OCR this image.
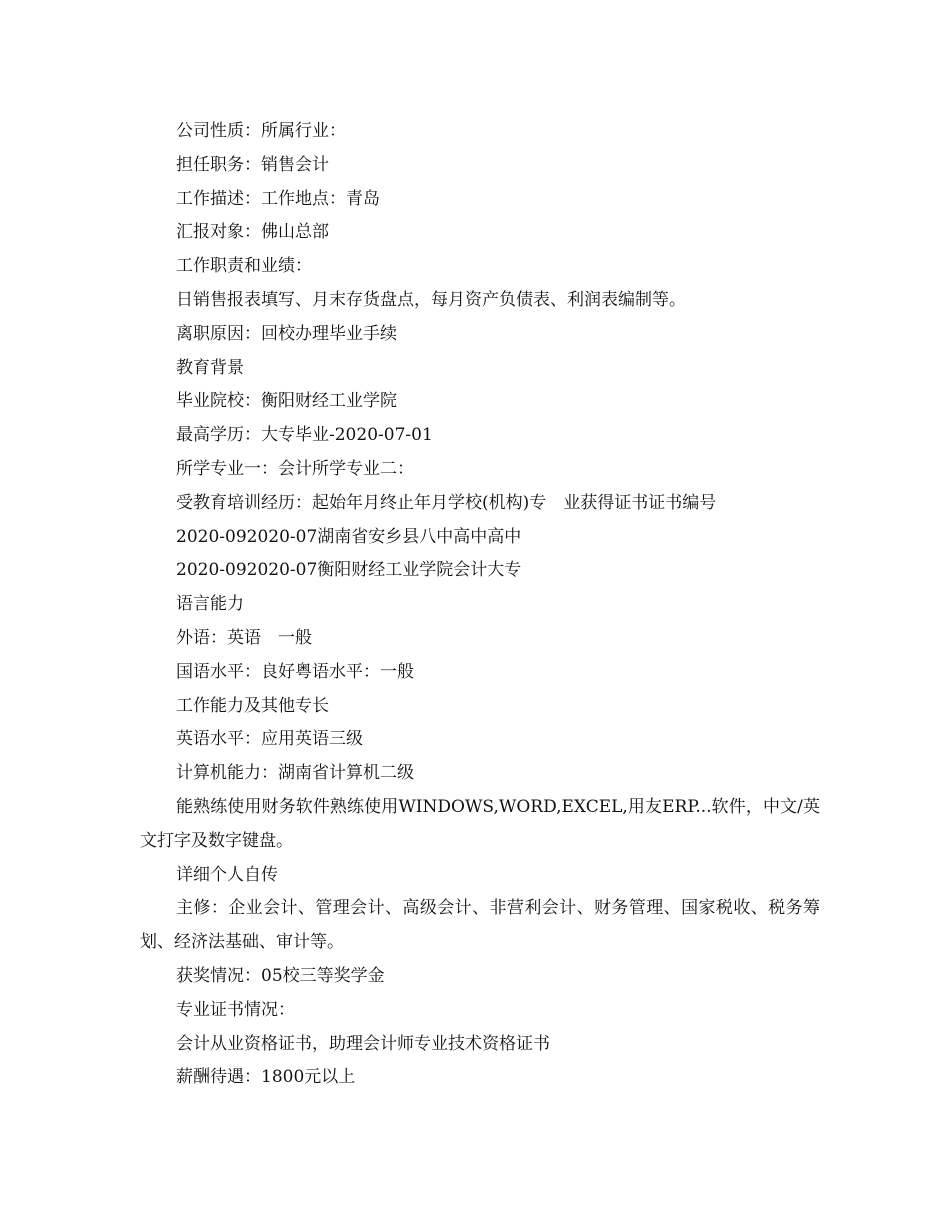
公司性质：所属行业：
担任职务：销售会计
工作描述：工作地点：青岛
汇报对象：佛山总部
工作职责和业绩：
日销售报表填写、月末存货盘点，每月资产负债表、利润表编制等。
离职原因：回校办理毕业手续
教育背景
毕业院校：衡阳财经工业学院
最高学历：大专毕业-2020-07-01
所学专业一：会计所学专业二：
受教育培训经历：起始年月终止年月学校(机构)专　业获得证书证书编号
2020-092020-07湖南省安乡县八中高中高中
2020-092020-07衡阳财经工业学院会计大专
语言能力
外语：英语　一般
国语水平：良好粤语水平：一般
工作能力及其他专长
英语水平：应用英语三级
计算机能力：湖南省计算机二级
能熟练使用财务软件熟练使用WINDOWS,WORD,EXCEL,用友ERP...软件，中文/英文打字及数字键盘。
详细个人自传
主修：企业会计、管理会计、高级会计、非营利会计、财务管理、国家税收、税务筹划、经济法基础、审计等。
获奖情况：05校三等奖学金
专业证书情况：
会计从业资格证书，助理会计师专业技术资格证书
薪酬待遇：1800元以上
